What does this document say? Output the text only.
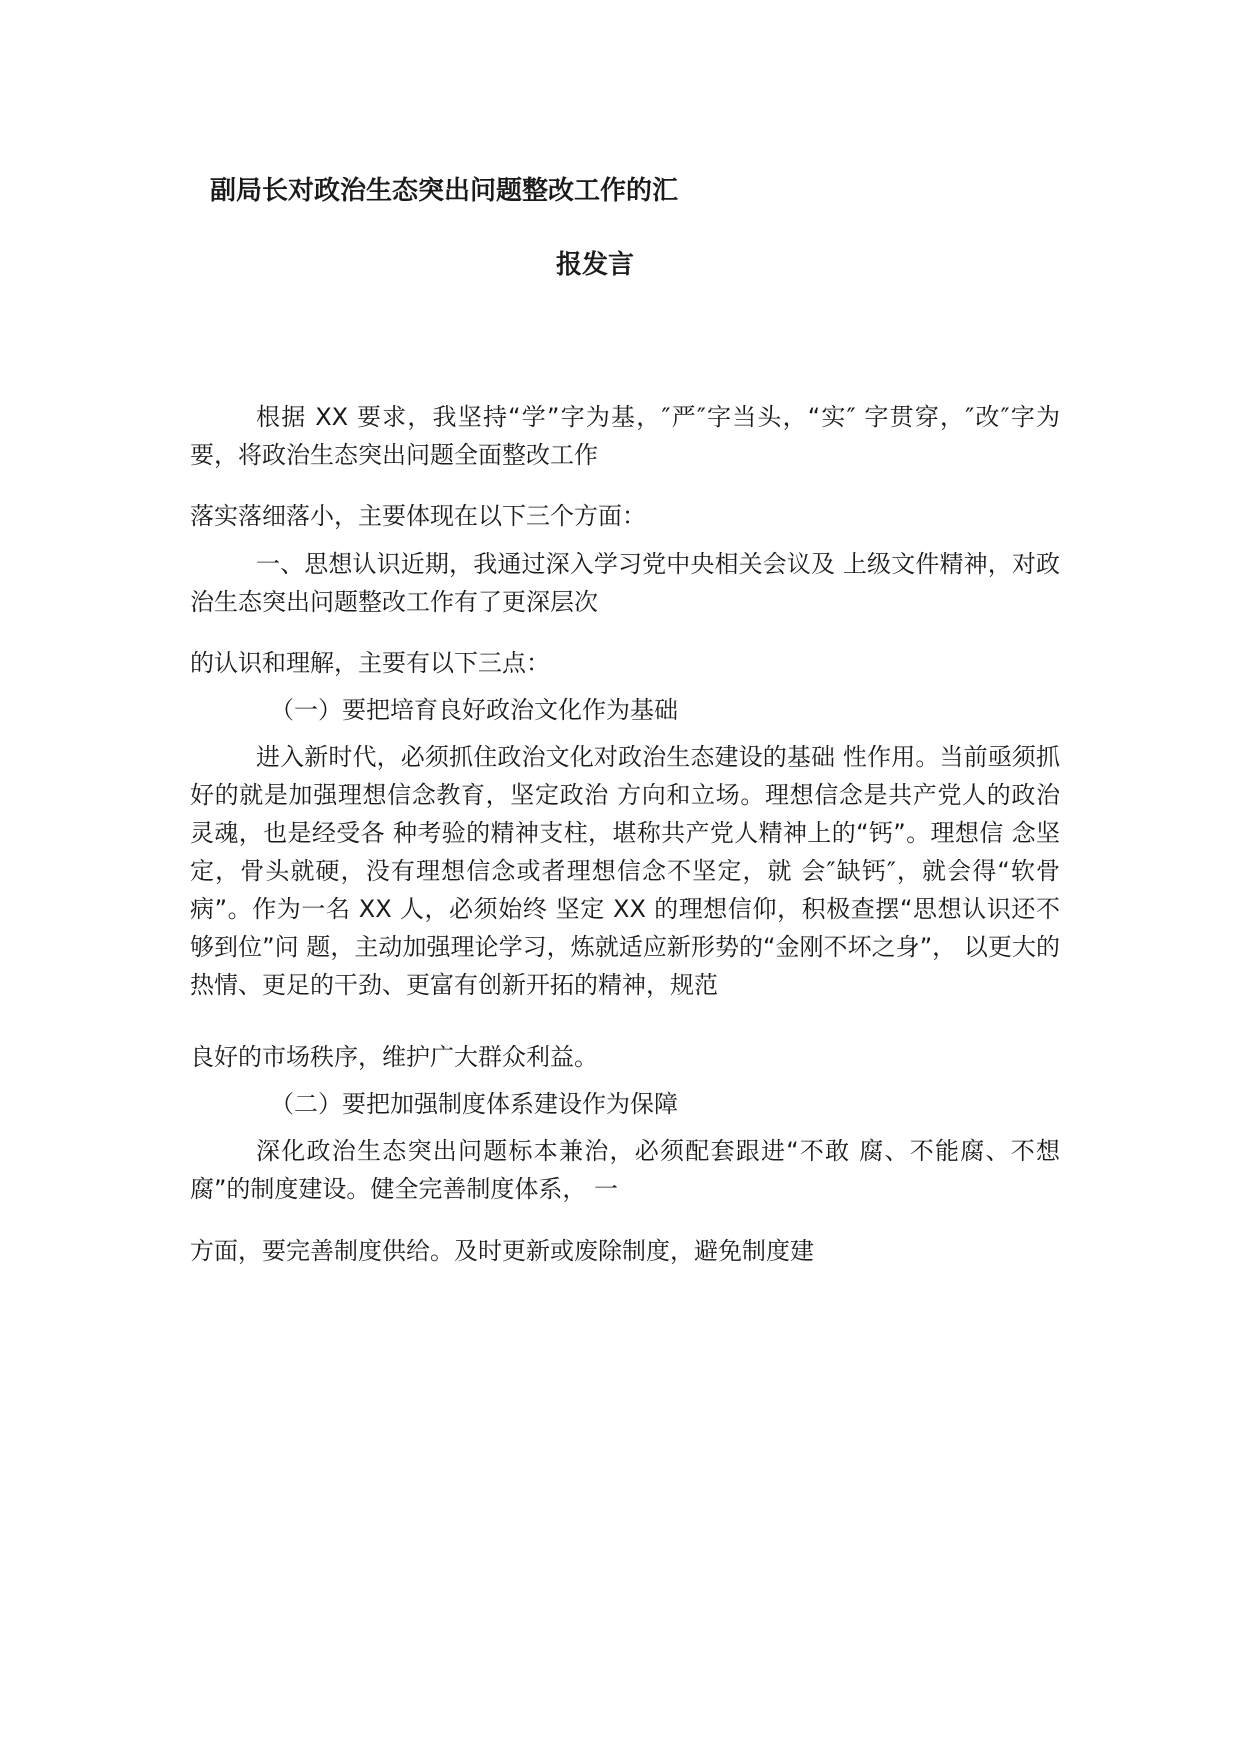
副局长对政治生态突出问题整改工作的汇
报发言
根据 XX 要求，我坚持“学”字为基，″严″字当头，“实″ 字贯穿，″改″字为要，将政治生态突出问题全面整改工作
落实落细落小，主要体现在以下三个方面：
一、思想认识近期，我通过深入学习党中央相关会议及 上级文件精神，对政治生态突出问题整改工作有了更深层次
的认识和理解，主要有以下三点：
（一）要把培育良好政治文化作为基础
进入新时代，必须抓住政治文化对政治生态建设的基础 性作用。当前亟须抓好的就是加强理想信念教育，坚定政治 方向和立场。理想信念是共产党人的政治灵魂，也是经受各 种考验的精神支柱，堪称共产党人精神上的“钙”。理想信 念坚定，骨头就硬，没有理想信念或者理想信念不坚定，就 会″缺钙″，就会得“软骨病”。作为一名 XX 人，必须始终 坚定 XX 的理想信仰，积极查摆“思想认识还不够到位”问 题，主动加强理论学习，炼就适应新形势的“金刚不坏之身”， 以更大的热情、更足的干劲、更富有创新开拓的精神，规范
良好的市场秩序，维护广大群众利益。
（二）要把加强制度体系建设作为保障
深化政治生态突出问题标本兼治，必须配套跟进“不敢 腐、不能腐、不想腐”的制度建设。健全完善制度体系， 一
方面，要完善制度供给。及时更新或废除制度，避免制度建
